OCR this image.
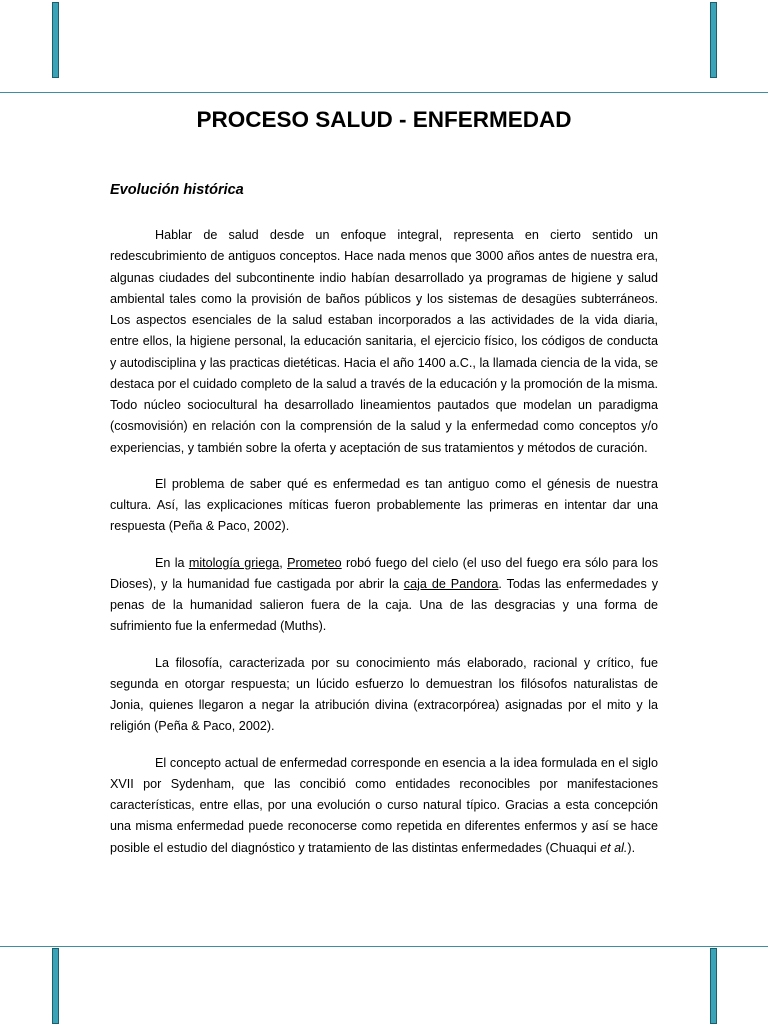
PROCESO SALUD - ENFERMEDAD
Evolución histórica

Hablar de salud desde un enfoque integral, representa en cierto sentido un redescubrimiento de antiguos conceptos. Hace nada menos que 3000 años antes de nuestra era, algunas ciudades del subcontinente indio habían desarrollado ya programas de higiene y salud ambiental tales como la provisión de baños públicos y los sistemas de desagües subterráneos. Los aspectos esenciales de la salud estaban incorporados a las actividades de la vida diaria, entre ellos, la higiene personal, la educación sanitaria, el ejercicio físico, los códigos de conducta y autodisciplina y las practicas dietéticas. Hacia el año 1400 a.C., la llamada ciencia de la vida, se destaca por el cuidado completo de la salud a través de la educación y la promoción de la misma. Todo núcleo sociocultural ha desarrollado lineamientos pautados que modelan un paradigma (cosmovisión) en relación con la comprensión de la salud y la enfermedad como conceptos y/o experiencias, y también sobre la oferta y aceptación de sus tratamientos y métodos de curación.

El problema de saber qué es enfermedad es tan antiguo como el génesis de nuestra cultura. Así, las explicaciones míticas fueron probablemente las primeras en intentar dar una respuesta (Peña & Paco, 2002).

En la mitología griega, Prometeo robó fuego del cielo (el uso del fuego era sólo para los Dioses), y la humanidad fue castigada por abrir la caja de Pandora. Todas las enfermedades y penas de la humanidad salieron fuera de la caja. Una de las desgracias y una forma de sufrimiento fue la enfermedad (Muths).

La filosofía, caracterizada por su conocimiento más elaborado, racional y crítico, fue segunda en otorgar respuesta; un lúcido esfuerzo lo demuestran los filósofos naturalistas de Jonia, quienes llegaron a negar la atribución divina (extracorpórea) asignadas por el mito y la religión (Peña & Paco, 2002).

El concepto actual de enfermedad corresponde en esencia a la idea formulada en el siglo XVII por Sydenham, que las concibió como entidades reconocibles por manifestaciones características, entre ellas, por una evolución o curso natural típico. Gracias a esta concepción una misma enfermedad puede reconocerse como repetida en diferentes enfermos y así se hace posible el estudio del diagnóstico y tratamiento de las distintas enfermedades (Chuaqui et al.).
